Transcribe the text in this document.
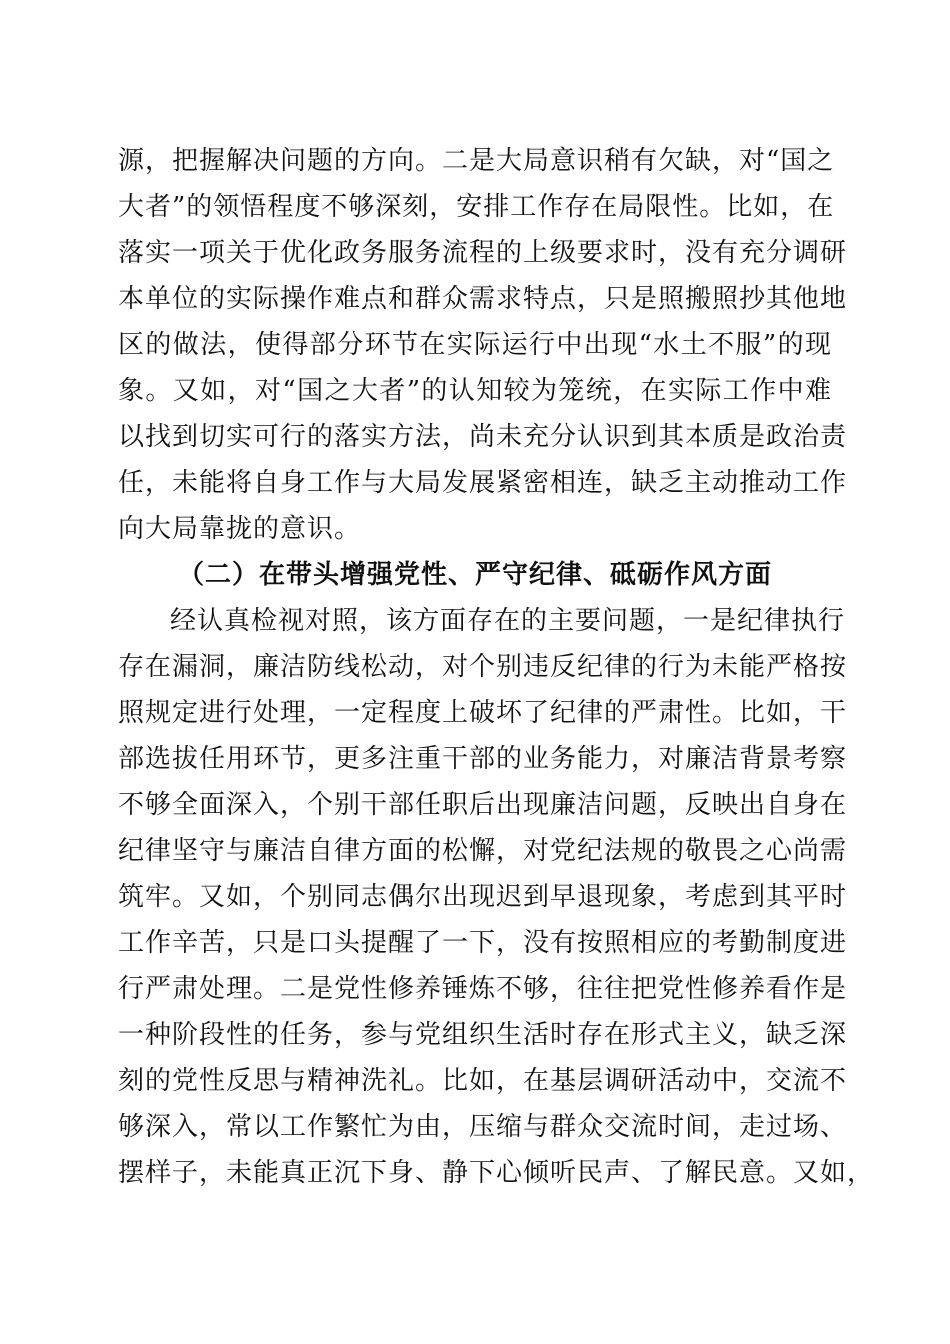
源，把握解决问题的方向。二是大局意识稍有欠缺，对“国之
大者”的领悟程度不够深刻，安排工作存在局限性。比如，在
落实一项关于优化政务服务流程的上级要求时，没有充分调研
本单位的实际操作难点和群众需求特点，只是照搬照抄其他地
区的做法，使得部分环节在实际运行中出现“水土不服”的现
象。又如，对“国之大者”的认知较为笼统，在实际工作中难
以找到切实可行的落实方法，尚未充分认识到其本质是政治责
任，未能将自身工作与大局发展紧密相连，缺乏主动推动工作
向大局靠拢的意识。
（二）在带头增强党性、严守纪律、砥砺作风方面
经认真检视对照，该方面存在的主要问题，一是纪律执行
存在漏洞，廉洁防线松动，对个别违反纪律的行为未能严格按
照规定进行处理，一定程度上破坏了纪律的严肃性。比如，干
部选拔任用环节，更多注重干部的业务能力，对廉洁背景考察
不够全面深入，个别干部任职后出现廉洁问题，反映出自身在
纪律坚守与廉洁自律方面的松懈，对党纪法规的敬畏之心尚需
筑牢。又如，个别同志偶尔出现迟到早退现象，考虑到其平时
工作辛苦，只是口头提醒了一下，没有按照相应的考勤制度进
行严肃处理。二是党性修养锤炼不够，往往把党性修养看作是
一种阶段性的任务，参与党组织生活时存在形式主义，缺乏深
刻的党性反思与精神洗礼。比如，在基层调研活动中，交流不
够深入，常以工作繁忙为由，压缩与群众交流时间，走过场、
摆样子，未能真正沉下身、静下心倾听民声、了解民意。又如，
